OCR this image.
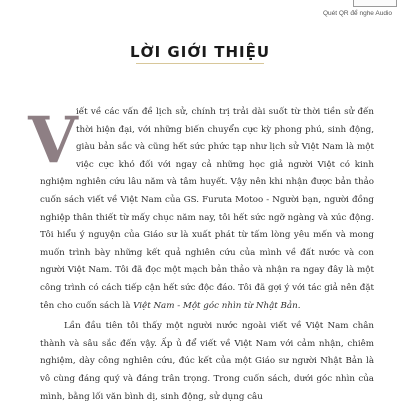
Quét QR để nghe Audio
LỜI GIỚI THIỆU

V
iết về các vấn đề lịch sử, chính trị trải dài suốt từ thời tiền sử đến thời hiện đại, với những biến chuyển cực kỳ phong phú, sinh động, giàu bản sắc và cũng hết sức phức tạp như lịch sử Việt Nam là một việc cực khó đối với ngay cả những học giả người Việt có kinh nghiệm nghiên cứu lâu năm và tâm huyết. Vậy nên khi nhận được bản thảo cuốn sách viết về Việt Nam của GS. Furuta Motoo - Người bạn, người đồng nghiệp thân thiết từ mấy chục năm nay, tôi hết sức ngỡ ngàng và xúc động. Tôi hiểu ý nguyện của Giáo sư là xuất phát từ tấm lòng yêu mến và mong muốn trình bày những kết quả nghiên cứu của mình về đất nước và con người Việt Nam. Tôi đã đọc một mạch bản thảo và nhận ra ngay đây là một công trình có cách tiếp cận hết sức độc đáo. Tôi đã gợi ý với tác giả nên đặt tên cho cuốn sách là Việt Nam - Một góc nhìn từ Nhật Bản.

Lần đầu tiên tôi thấy một người nước ngoài viết về Việt Nam chân thành và sâu sắc đến vậy. Ấp ủ để viết về Việt Nam với cảm nhận, chiêm nghiệm, dày công nghiên cứu, đúc kết của một Giáo sư người Nhật Bản là vô cùng đáng quý và đáng trân trọng. Trong cuốn sách, dưới góc nhìn của mình, bằng lối văn bình dị, sinh động, sử dụng câu
